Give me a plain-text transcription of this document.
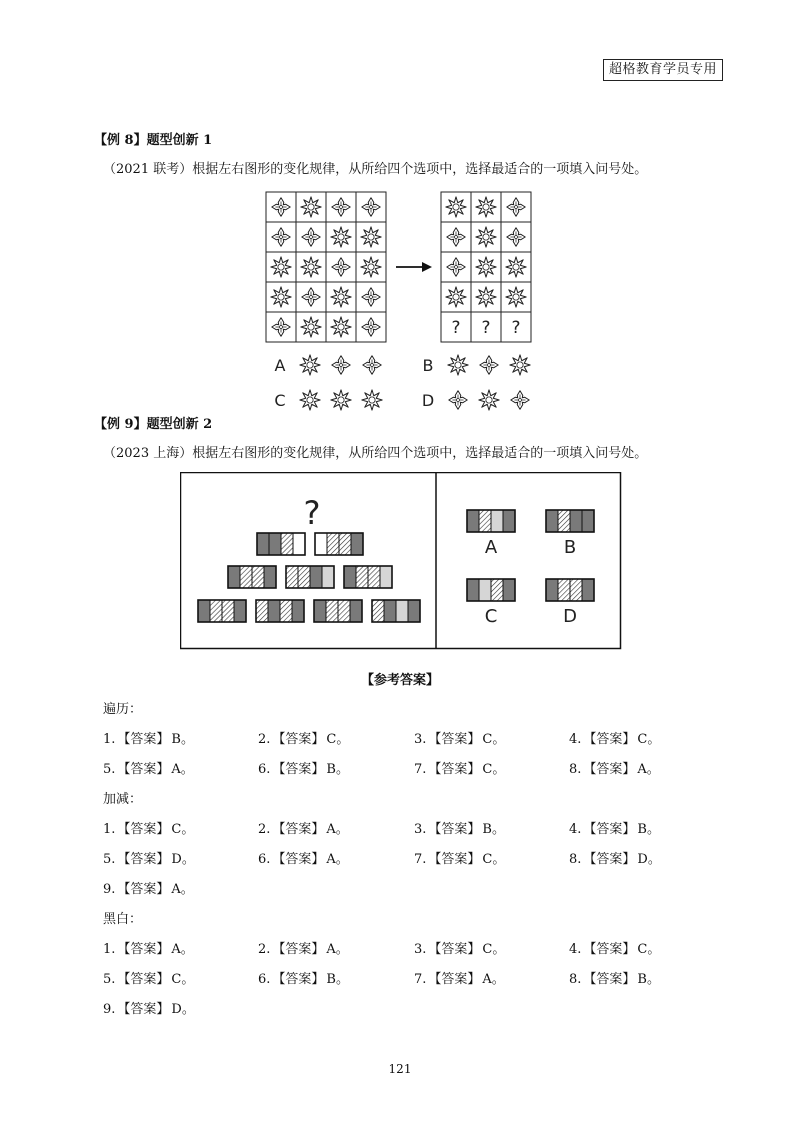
超格教育学员专用
【例 8】题型创新 1
（2021 联考）根据左右图形的变化规律，从所给四个选项中，选择最适合的一项填入问号处。
? ? ?
A	B
C	D
【例 9】题型创新 2
（2023 上海）根据左右图形的变化规律，从所给四个选项中，选择最适合的一项填入问号处。
?
A	B
C	D
【参考答案】
遍历：
1. 【答案】 B。	2. 【答案】 C。	3. 【答案】 C。	4. 【答案】 C。
5. 【答案】 A。	6. 【答案】 B。	7. 【答案】 C。	8. 【答案】 A。
加减：
1. 【答案】 C。	2. 【答案】 A。	3. 【答案】 B。	4. 【答案】 B。
5. 【答案】 D。	6. 【答案】 A。	7. 【答案】 C。	8. 【答案】 D。
9. 【答案】 A。
黑白：
1. 【答案】 A。	2. 【答案】 A。	3. 【答案】 C。	4. 【答案】 C。
5. 【答案】 C。	6. 【答案】 B。	7. 【答案】 A。	8. 【答案】 B。
9. 【答案】 D。
121
